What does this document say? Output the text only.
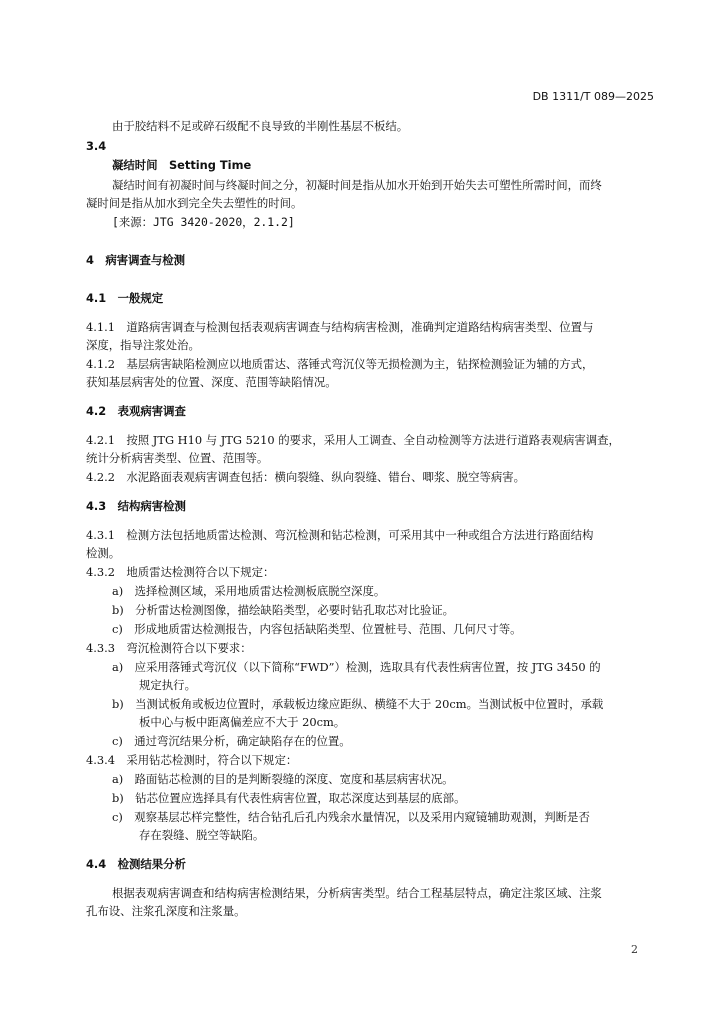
DB 1311/T 089—2025
由于胶结料不足或碎石级配不良导致的半刚性基层不板结。
3.4
凝结时间　Setting Time
凝结时间有初凝时间与终凝时间之分，初凝时间是指从加水开始到开始失去可塑性所需时间，而终
凝时间是指从加水到完全失去塑性的时间。
[来源：JTG 3420-2020，2.1.2]
4　病害调查与检测
4.1　一般规定
4.1.1　道路病害调查与检测包括表观病害调查与结构病害检测，准确判定道路结构病害类型、位置与
深度，指导注浆处治。
4.1.2　基层病害缺陷检测应以地质雷达、落锤式弯沉仪等无损检测为主，钻探检测验证为辅的方式，
获知基层病害处的位置、深度、范围等缺陷情况。
4.2　表观病害调查
4.2.1　按照 JTG H10 与 JTG 5210 的要求，采用人工调查、全自动检测等方法进行道路表观病害调查，
统计分析病害类型、位置、范围等。
4.2.2　水泥路面表观病害调查包括：横向裂缝、纵向裂缝、错台、唧浆、脱空等病害。
4.3　结构病害检测
4.3.1　检测方法包括地质雷达检测、弯沉检测和钻芯检测，可采用其中一种或组合方法进行路面结构
检测。
4.3.2　地质雷达检测符合以下规定：
a)　选择检测区域，采用地质雷达检测板底脱空深度。
b)　分析雷达检测图像，描绘缺陷类型，必要时钻孔取芯对比验证。
c)　形成地质雷达检测报告，内容包括缺陷类型、位置桩号、范围、几何尺寸等。
4.3.3　弯沉检测符合以下要求：
a)　应采用落锤式弯沉仪（以下简称“FWD”）检测，选取具有代表性病害位置，按 JTG 3450 的
规定执行。
b)　当测试板角或板边位置时，承载板边缘应距纵、横缝不大于 20cm。当测试板中位置时，承载
板中心与板中距离偏差应不大于 20cm。
c)　通过弯沉结果分析，确定缺陷存在的位置。
4.3.4　采用钻芯检测时，符合以下规定：
a)　路面钻芯检测的目的是判断裂缝的深度、宽度和基层病害状况。
b)　钻芯位置应选择具有代表性病害位置，取芯深度达到基层的底部。
c)　观察基层芯样完整性，结合钻孔后孔内残余水量情况，以及采用内窥镜辅助观测，判断是否
存在裂缝、脱空等缺陷。
4.4　检测结果分析
根据表观病害调查和结构病害检测结果，分析病害类型。结合工程基层特点，确定注浆区域、注浆
孔布设、注浆孔深度和注浆量。
2
